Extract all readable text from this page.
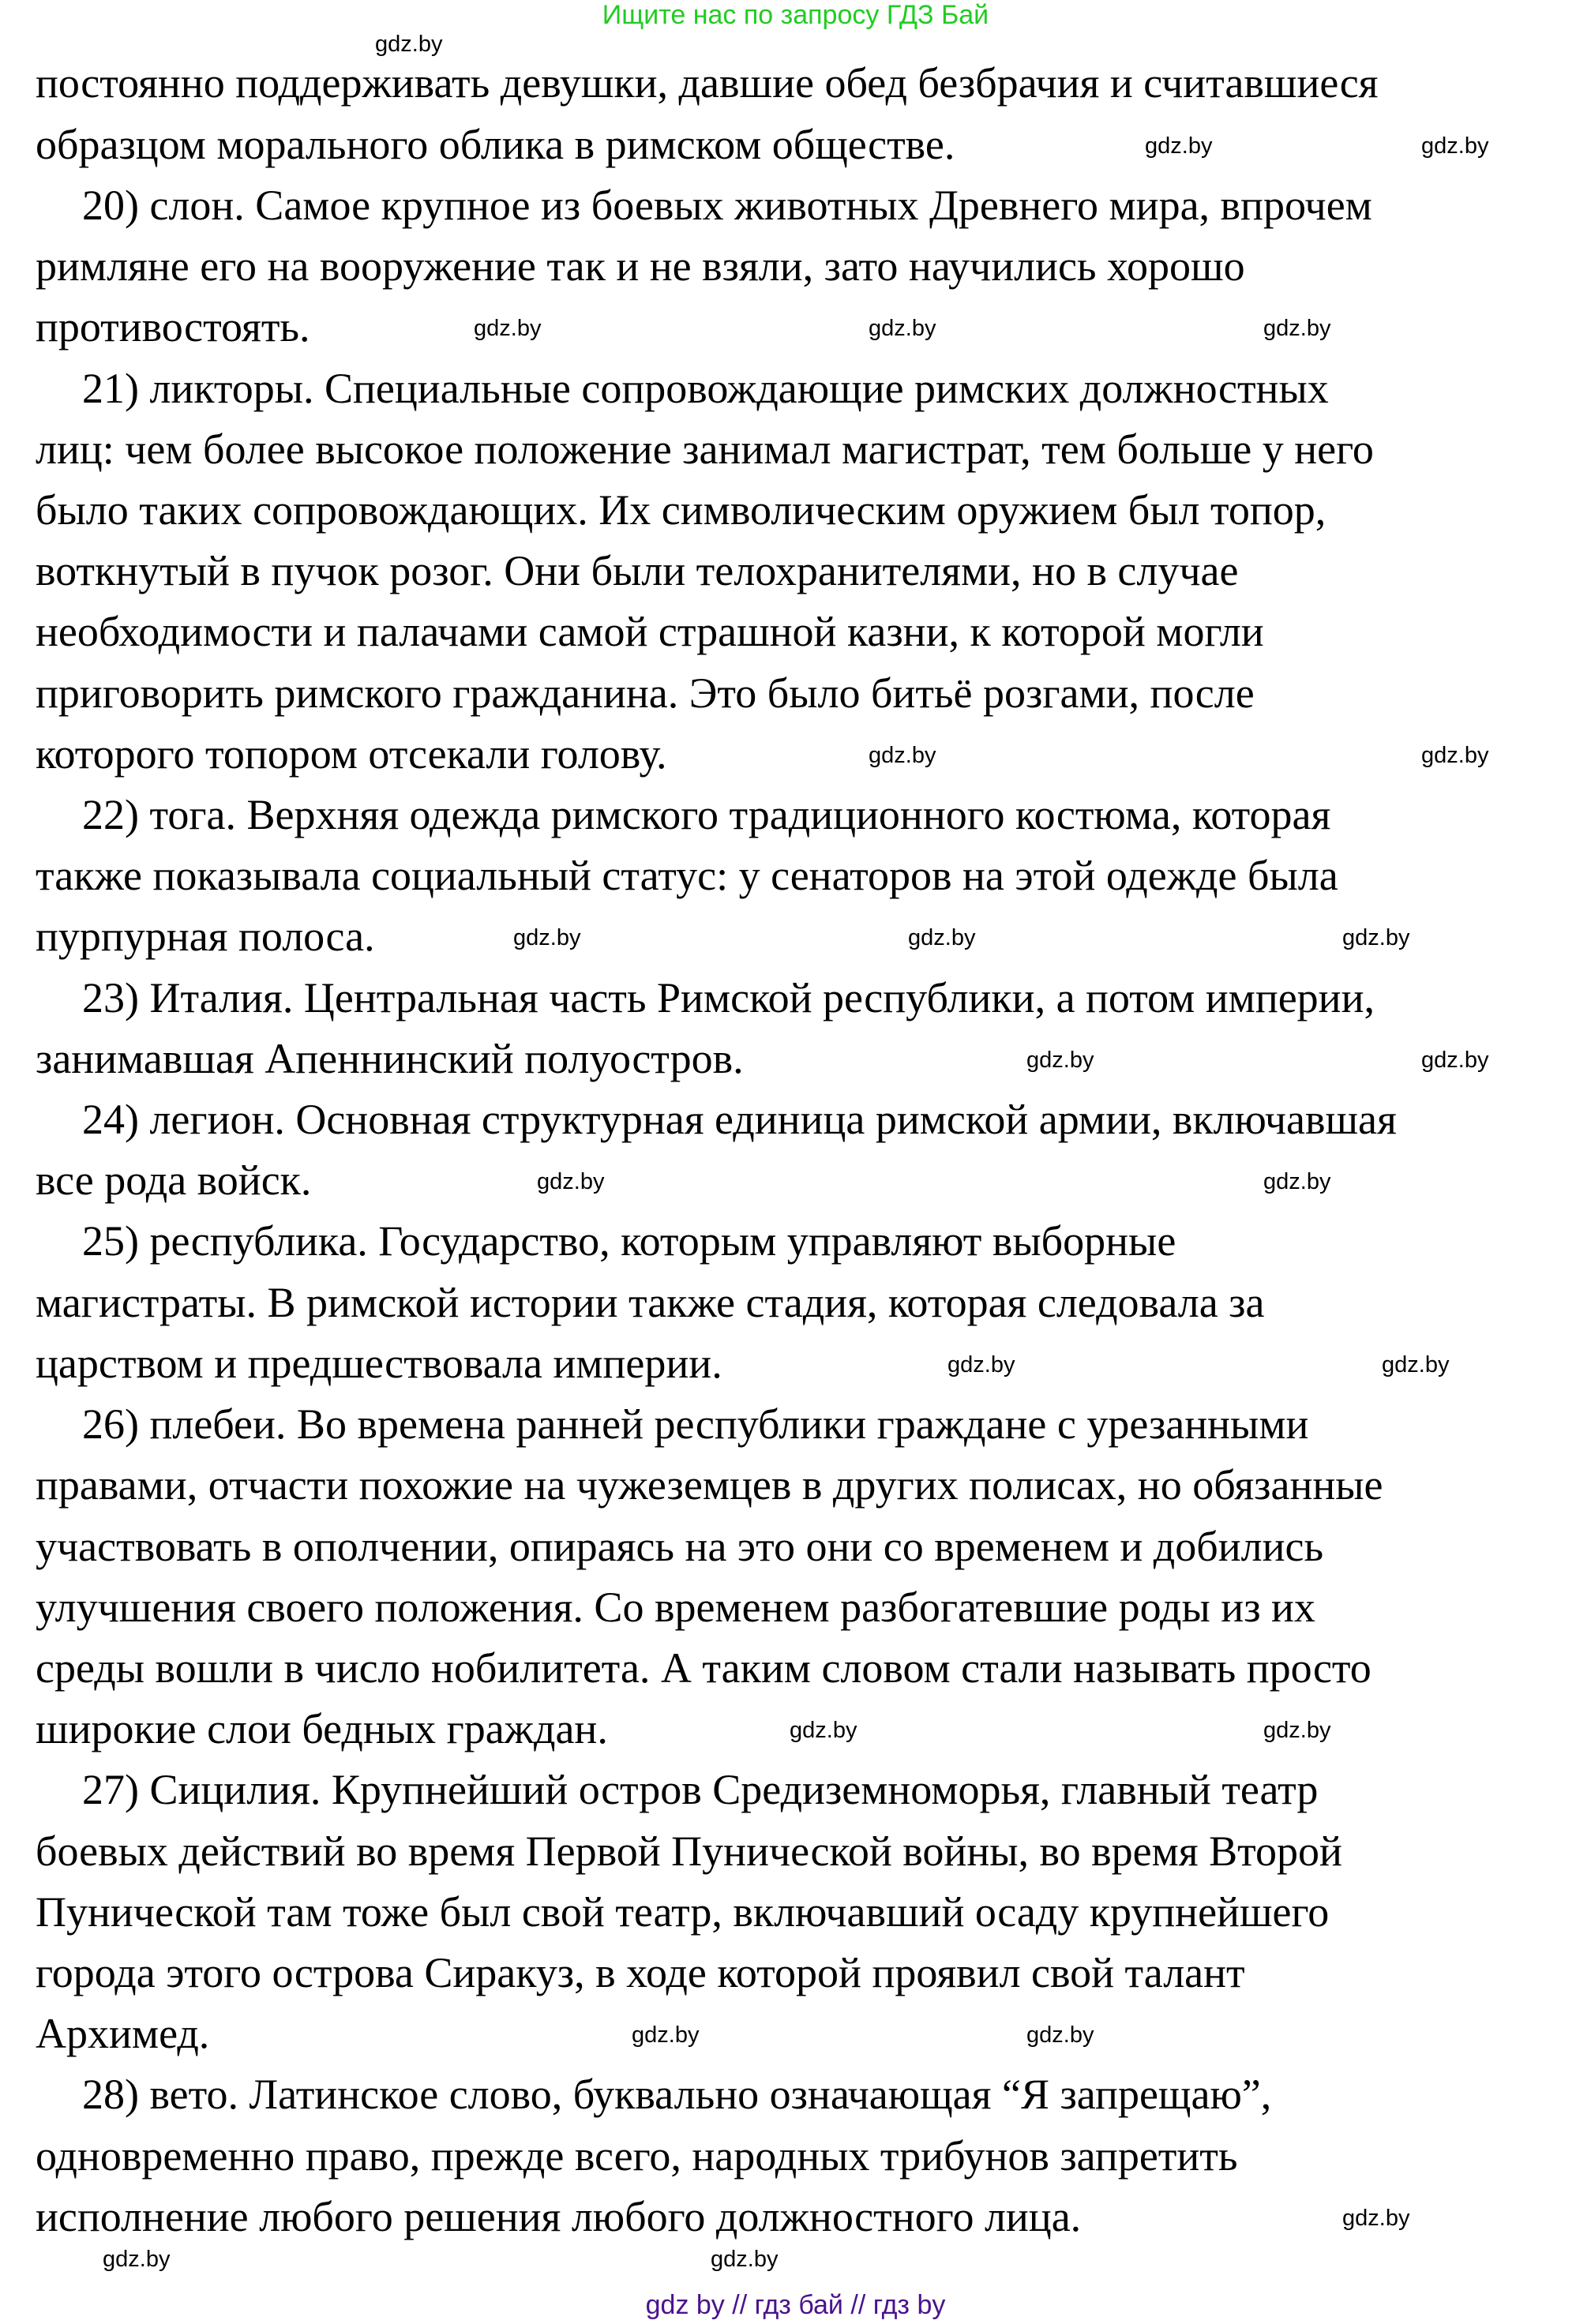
Ищите нас по запросу ГДЗ Бай
постоянно поддерживать девушки, давшие обед безбрачия и считавшиеся
образцом морального облика в римском обществе.
20) слон. Самое крупное из боевых животных Древнего мира, впрочем
римляне его на вооружение так и не взяли, зато научились хорошо
противостоять.
21) ликторы. Специальные сопровождающие римских должностных
лиц: чем более высокое положение занимал магистрат, тем больше у него
было таких сопровождающих. Их символическим оружием был топор,
воткнутый в пучок розог. Они были телохранителями, но в случае
необходимости и палачами самой страшной казни, к которой могли
приговорить римского гражданина. Это было битьё розгами, после
которого топором отсекали голову.
22) тога. Верхняя одежда римского традиционного костюма, которая
также показывала социальный статус: у сенаторов на этой одежде была
пурпурная полоса.
23) Италия. Центральная часть Римской республики, а потом империи,
занимавшая Апеннинский полуостров.
24) легион. Основная структурная единица римской армии, включавшая
все рода войск.
25) республика. Государство, которым управляют выборные
магистраты. В римской истории также стадия, которая следовала за
царством и предшествовала империи.
26) плебеи. Во времена ранней республики граждане с урезанными
правами, отчасти похожие на чужеземцев в других полисах, но обязанные
участвовать в ополчении, опираясь на это они со временем и добились
улучшения своего положения. Со временем разбогатевшие роды из их
среды вошли в число нобилитета. А таким словом стали называть просто
широкие слои бедных граждан.
27) Сицилия. Крупнейший остров Средиземноморья, главный театр
боевых действий во время Первой Пунической войны, во время Второй
Пунической там тоже был свой театр, включавший осаду крупнейшего
города этого острова Сиракуз, в ходе которой проявил свой талант
Архимед.
28) вето. Латинское слово, буквально означающая “Я запрещаю”,
одновременно право, прежде всего, народных трибунов запретить
исполнение любого решения любого должностного лица.
gdz.by
gdz.by	gdz.by
gdz.by	gdz.by	gdz.by
gdz.by	gdz.by
gdz.by	gdz.by	gdz.by
gdz.by	gdz.by
gdz.by	gdz.by
gdz.by	gdz.by
gdz.by	gdz.by
gdz.by	gdz.by
gdz.by
gdz.by	gdz.by
gdz by // гдз бай // гдз by
